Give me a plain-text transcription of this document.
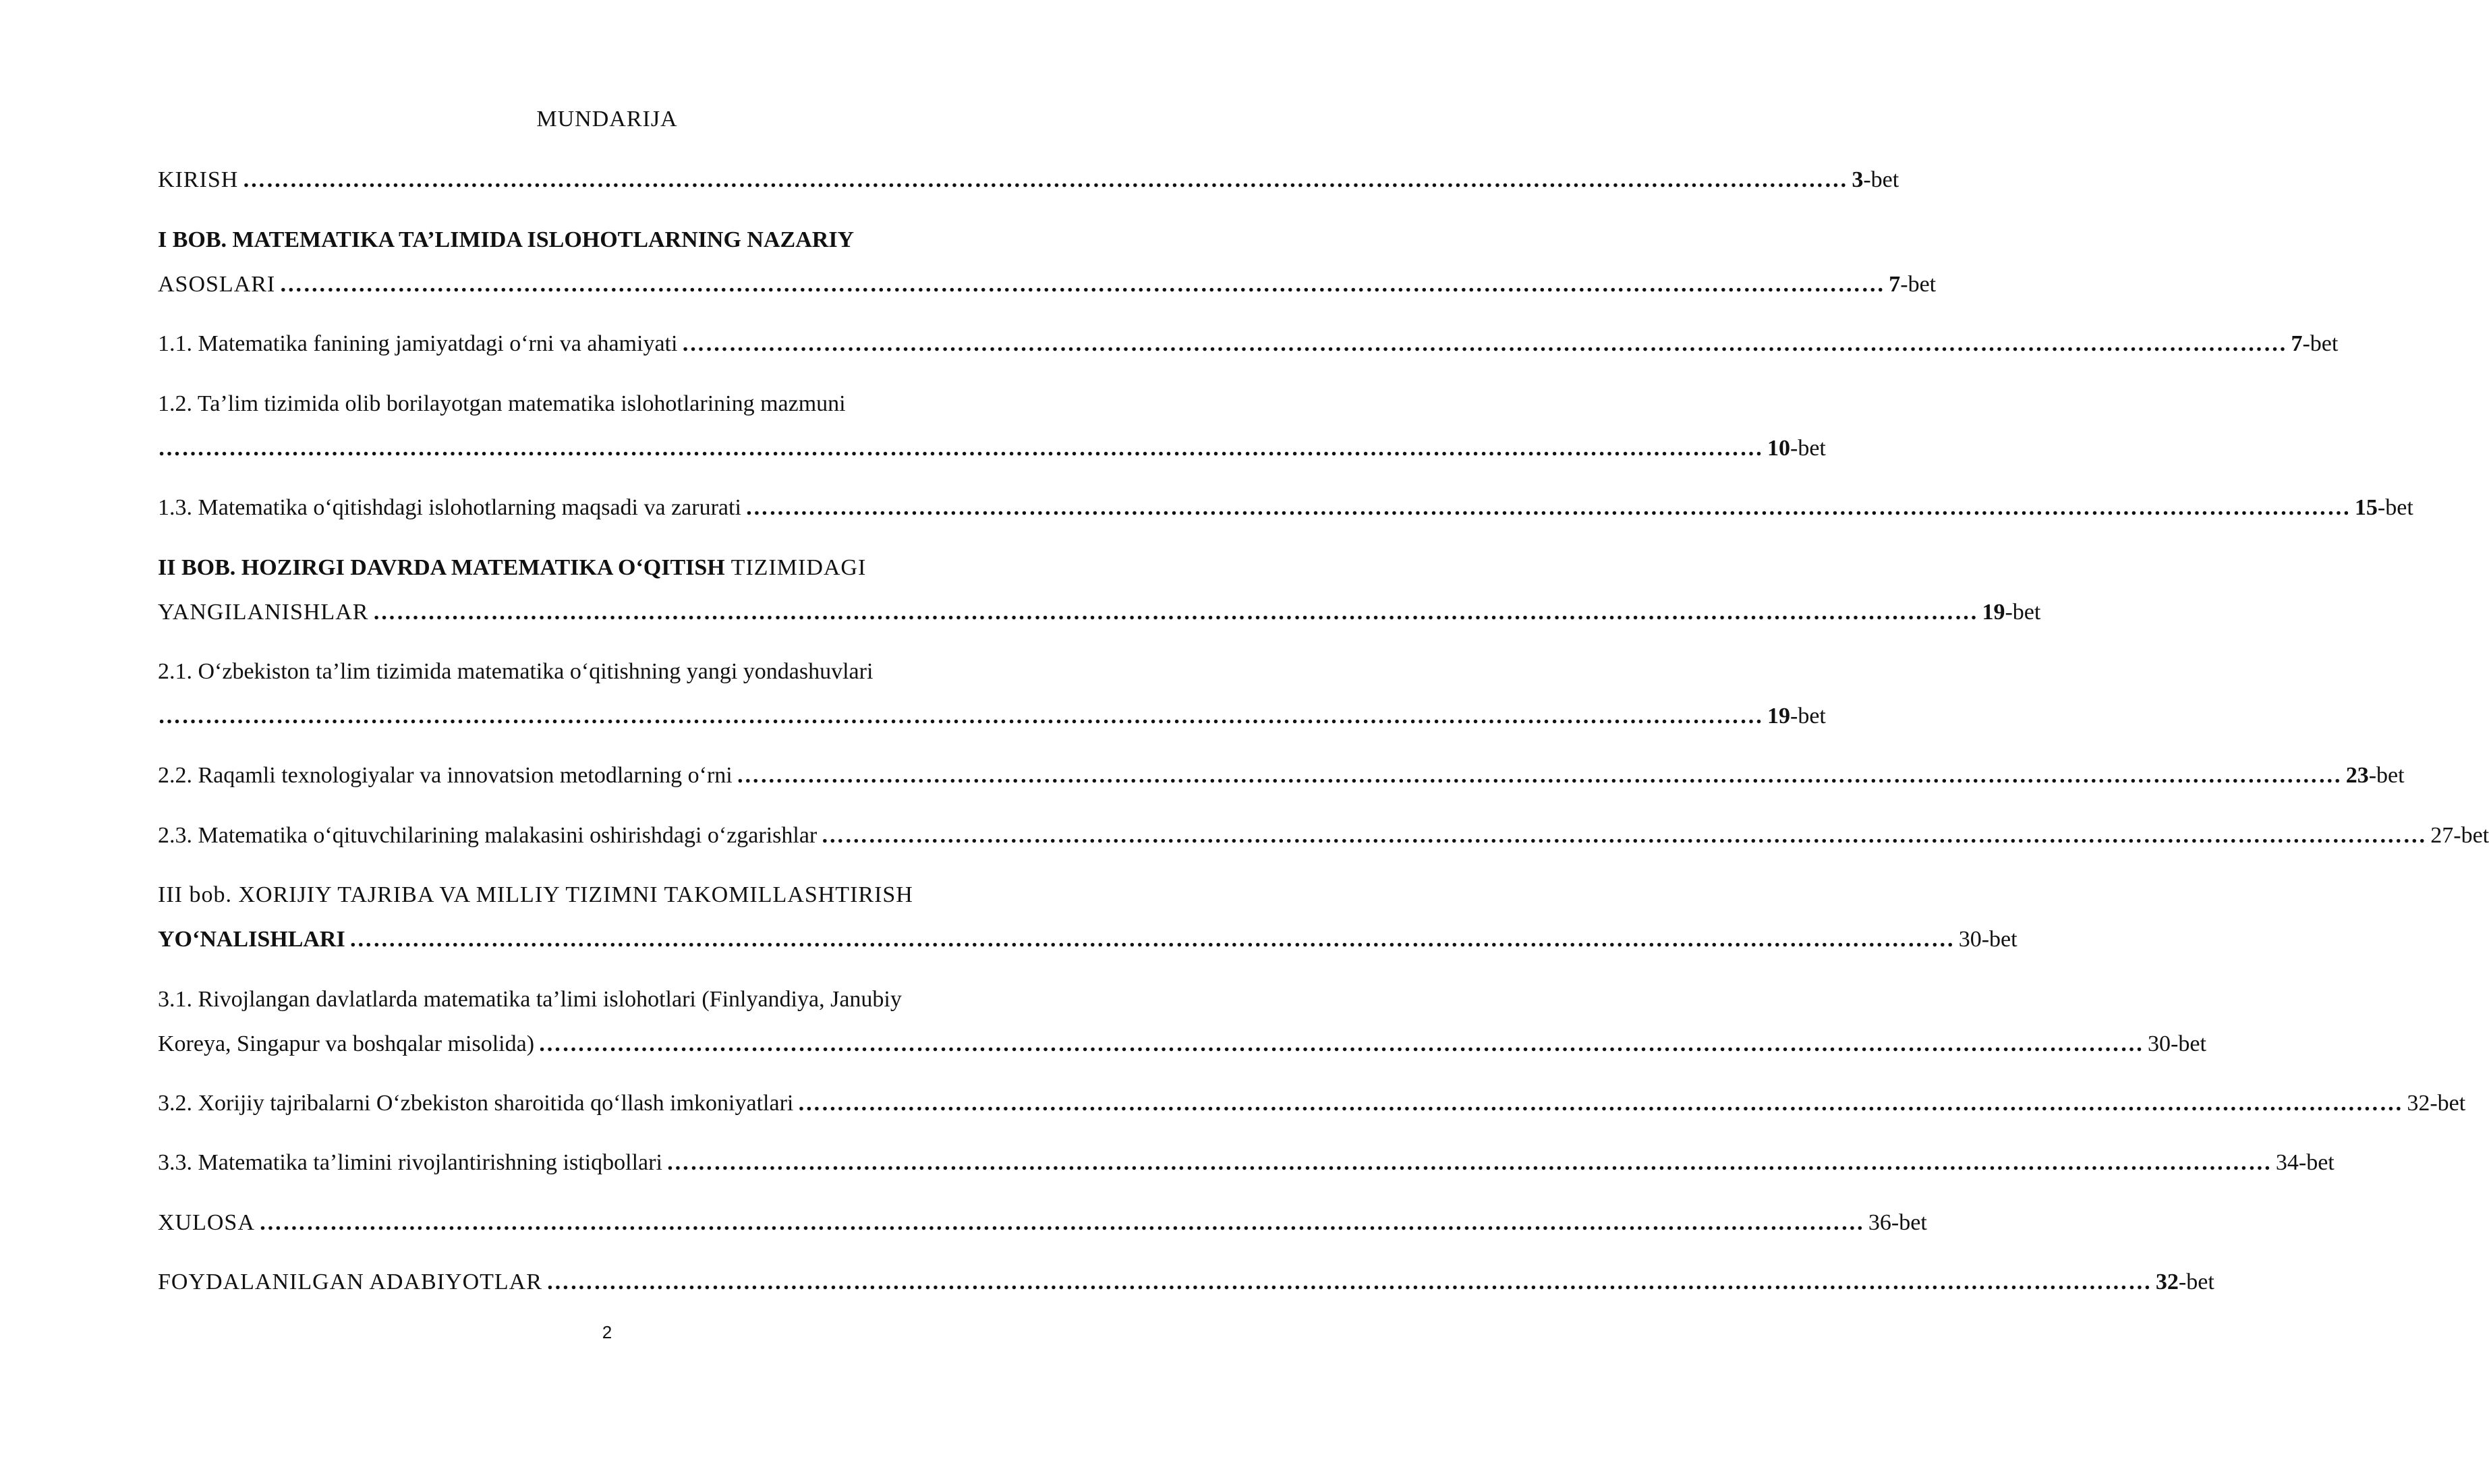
MUNDARIJA
KIRISH …………………………………………………………………………………………………………………………………………………………………………………… 3-bet
I BOB. MATEMATIKA TA’LIMIDA ISLOHOTLARNING NAZARIY
ASOSLARI …………………………………………………………………………………………………………………………………………………………………………………… 7-bet
1.1. Matematika fanining jamiyatdagi o‘rni va ahamiyati …………………………………………………………………………………………………………………………………………………………………………………… 7-bet
1.2. Ta’lim tizimida olib borilayotgan matematika islohotlarining mazmuni
…………………………………………………………………………………………………………………………………………………………………………………… 10-bet
1.3. Matematika o‘qitishdagi islohotlarning maqsadi va zarurati …………………………………………………………………………………………………………………………………………………………………………………… 15-bet
II BOB. HOZIRGI DAVRDA MATEMATIKA O‘QITISH TIZIMIDAGI
YANGILANISHLAR …………………………………………………………………………………………………………………………………………………………………………………… 19-bet
2.1. O‘zbekiston ta’lim tizimida matematika o‘qitishning yangi yondashuvlari
…………………………………………………………………………………………………………………………………………………………………………………… 19-bet
2.2. Raqamli texnologiyalar va innovatsion metodlarning o‘rni …………………………………………………………………………………………………………………………………………………………………………………… 23-bet
2.3. Matematika o‘qituvchilarining malakasini oshirishdagi o‘zgarishlar …………………………………………………………………………………………………………………………………………………………………………………… 27-bet
III bob. XORIJIY TAJRIBA VA MILLIY TIZIMNI TAKOMILLASHTIRISH
YO‘NALISHLARI …………………………………………………………………………………………………………………………………………………………………………………… 30-bet
3.1. Rivojlangan davlatlarda matematika ta’limi islohotlari (Finlyandiya, Janubiy
Koreya, Singapur va boshqalar misolida) …………………………………………………………………………………………………………………………………………………………………………………… 30-bet
3.2. Xorijiy tajribalarni O‘zbekiston sharoitida qo‘llash imkoniyatlari …………………………………………………………………………………………………………………………………………………………………………………… 32-bet
3.3. Matematika ta’limini rivojlantirishning istiqbollari …………………………………………………………………………………………………………………………………………………………………………………… 34-bet
XULOSA …………………………………………………………………………………………………………………………………………………………………………………… 36-bet
FOYDALANILGAN ADABIYOTLAR …………………………………………………………………………………………………………………………………………………………………………………… 32-bet
2
